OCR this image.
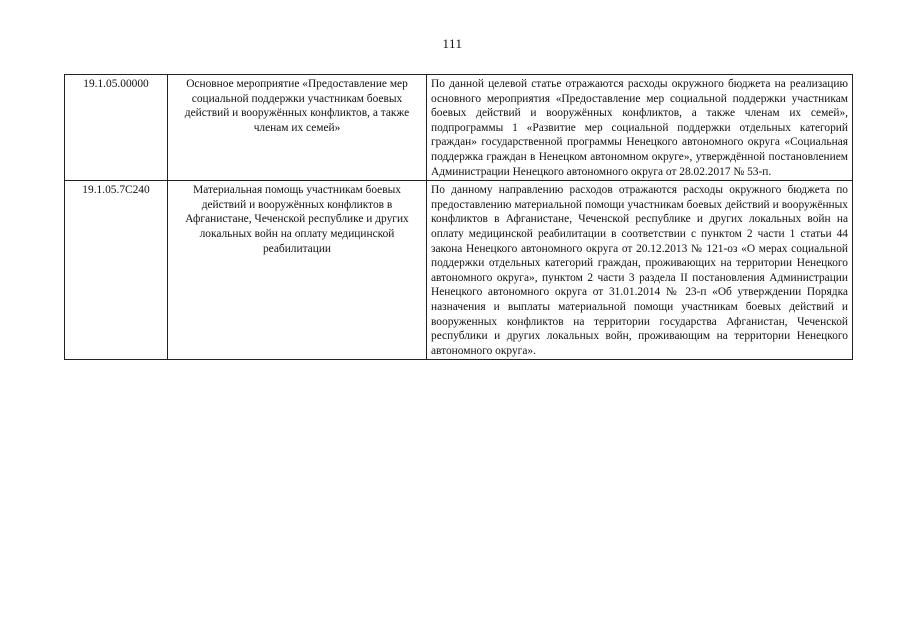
111
19.1.05.00000	Основное мероприятие «Предоставление мер социальной поддержки участникам боевых действий и вооружённых конфликтов, а также членам их семей»	По данной целевой статье отражаются расходы окружного бюджета на реализацию основного мероприятия «Предоставление мер социальной поддержки участникам боевых действий и вооружённых конфликтов, а также членам их семей», подпрограммы 1 «Развитие мер социальной поддержки отдельных категорий граждан» государственной программы Ненецкого автономного округа «Социальная поддержка граждан в Ненецком автономном округе», утверждённой постановлением Администрации Ненецкого автономного округа от 28.02.2017 № 53-п.

19.1.05.7С240	Материальная помощь участникам боевых действий и вооружённых конфликтов в Афганистане, Чеченской республике и других локальных войн на оплату медицинской реабилитации	По данному направлению расходов отражаются расходы окружного бюджета по предоставлению материальной помощи участникам боевых действий и вооружённых конфликтов в Афганистане, Чеченской республике и других локальных войн на оплату медицинской реабилитации в соответствии с пунктом 2 части 1 статьи 44 закона Ненецкого автономного округа от 20.12.2013 № 121-оз «О мерах социальной поддержки отдельных категорий граждан, проживающих на территории Ненецкого автономного округа», пунктом 2 части 3 раздела II постановления Администрации Ненецкого автономного округа от 31.01.2014 № 23-п «Об утверждении Порядка назначения и выплаты материальной помощи участникам боевых действий и вооруженных конфликтов на территории государства Афганистан, Чеченской республики и других локальных войн, проживающим на территории Ненецкого автономного округа».
